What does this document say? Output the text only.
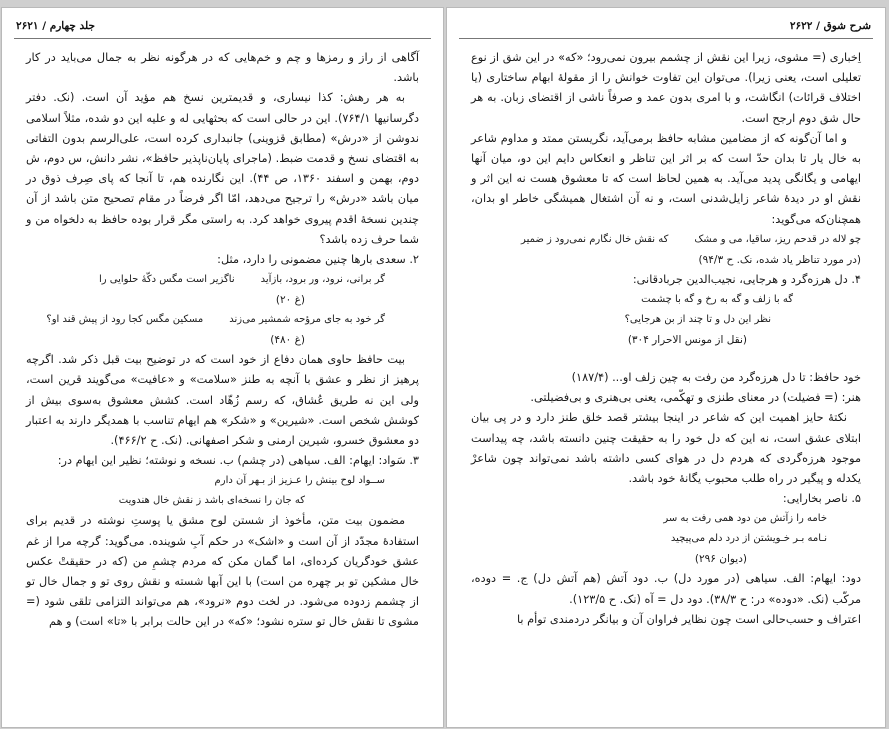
جلد چهارم / ۲۶۲۱

آگاهی از راز و رمزها و چم و خم‌هایی که در هرگونه نظر به جمال می‌باید در کار باشد.

به هر رهش: کذا نیساری، و قدیمترین نسخ هم مؤید آن است. (نک. دفتر دگرسانیها ۷۶۴/۱). این در حالی است که بحثهایی له و علیه این دو شده، مثلاً اسلامی ندوشن از «درش» (مطابق قزوینی) جانبداری کرده است، علی‌الرسم بدون التفاتی به اقتضای نسخ و قدمت ضبط. (ماجرای پایان‌ناپذیر حافظ»، نشر دانش، س دوم، ش دوم، بهمن و اسفند ۱۳۶۰، ص ۴۴). این نگارنده هم، تا آنجا که پای صِرف ذوق در میان باشد «درش» را ترجیح می‌دهد، امّا اگر فرضاً در مقام تصحیح متن باشد از آن چندین نسخهٔ اقدم پیروی خواهد کرد. به راستی مگر قرار بوده حافظ به دلخواه من و شما حرف زده باشد؟

۲. سعدی بارها چنین مضمونی را دارد، مثل:

گر برانی، نرود، ور برود، بازآید
ناگزیر است مگس دکّهٔ حلوایی را
(غ ۲۰)
گر خود به جای مرؤحه شمشیر می‌زند
مسکین مگس کجا رود از پیش قند او؟
(غ ۴۸۰)

بیت حافظ حاوی همان دفاع از خود است که در توضیح بیت قبل ذکر شد. اگرچه پرهیز از نظر و عشق با آنچه به طنز «سلامت» و «عافیت» می‌گویند قرین است، ولی این نه طریق عُشاق، که رسم زُهّاد است. کشش معشوق به‌سوی بیش از کوشش شخص است. «شیرین» و «شکر» هم ایهام تناسب با همدیگر دارند به اعتبار دو معشوق خسرو، شیرین ارمنی و شکر اصفهانی. (نک. ح ۴۶۶/۲).

۳. سَواد: ایهام: الف. سیاهی (در چشم) ب. نسخه و نوشته؛ نظیر این ایهام در:

ســواد لوح بینش را عـزیز از بـهر آن دارم
که جان را نسخه‌ای باشد ز نقش خال هندویت

مضمون بیت متن، مأخوذ از شستن لوح مشق یا پوستِ نوشته در قدیم برای استفادهٔ مجدّد از آن است و «اشک» در حکم آبِ شوینده. می‌گوید: گرچه مرا از غم عشق خودگریان کرده‌ای، اما گمان مکن که مردم چشمِ من (که در حقیقتْ عکس خال مشکین تو بر چهره من است) با این آبها شسته و نقش روی تو و جمال خال تو از چشمم زدوده می‌شود. در لخت دوم «نرود»، هم می‌تواند التزامی تلقی شود (= مشوی تا نقش خال تو ستره نشود؛ «که» در این حالت برابر با «تا» است) و هم

۲۶۲۲ / شرح شوق

اِخباری (= مشوی، زیرا این نقش از چشمم بیرون نمی‌رود؛ «که» در این شق از نوع تعلیلی است، یعنی زیرا). می‌توان این تفاوت خوانش را از مقولهٔ ابهام ساختاری (یا اختلاف قرائات) انگاشت، و با امری بدون عمد و صرفاً ناشی از اقتضای زبان. به هر حال شق دوم ارجح است.

و اما آن‌گونه که از مضامین مشابه حافظ برمی‌آید، نگریستن ممتد و مداوم شاعر به خال یار تا بدان حدّ است که بر اثر این تناظر و انعکاس دایم این دو، میان آنها ایهامی و یگانگی پدید می‌آید. به همین لحاظ است که تا معشوق هست نه این اثر و نقش او در دیدهٔ شاعر زایل‌شدنی است، و نه آن اشتغال همیشگی خاطر او بدان، همچنان‌که می‌گوید:

چو لاله در قدحم ریز، ساقیا، می و مشک
که نقش خال نگارم نمی‌رود ز ضمیر
(در مورد تناظر یاد شده، نک. ح ۹۴/۳)

۴. دل هرزه‌گرد و هرجایی، نجیب‌الدین جربادقانی:

گه با زلف و گه به رخ و گه با چشمت
نظر این دل و تا چند از بن هرجایی؟
(نقل از مونس الاحرار ۳۰۴)

خود حافظ: تا دل هرزه‌گرد من رفت به چین زلف او... (۱۸۷/۴)

هنر: (= فضیلت) در معنای طنزی و تهکّمی، یعنی بی‌هنری و بی‌فضیلتی.

نکتهٔ حایز اهمیت این که شاعر در اینجا بیشتر قصد خلق طنز دارد و در پی بیان ابتلای عشق است، نه این که دل خود را به حقیقت چنین دانسته باشد، چه پیداست موجود هرزه‌گردی که هردم دل در هوای کسی داشته باشد نمی‌تواند چون شاعرْ یکدله و پیگیر در راه طلب محبوب یگانهٔ خود باشد.

۵. ناصر بخارایی:

خامه را زآتش من دود همی رفت به سر
نـامه بـر خـویشتن از درد دلم می‌پیچید
(دیوان ۲۹۶)

دود: ایهام: الف. سیاهی (در مورد دل) ب. دود آتش (هم آتش دل) ج. = دوده، مرکّب (نک. «دوده» در: ح ۳۸/۳). دود دل = آه (نک. ح ۱۲۳/۵).

اعتراف و حسب‌حالی است چون نظایر فراوان آن و بیانگر دردمندی توأم با
